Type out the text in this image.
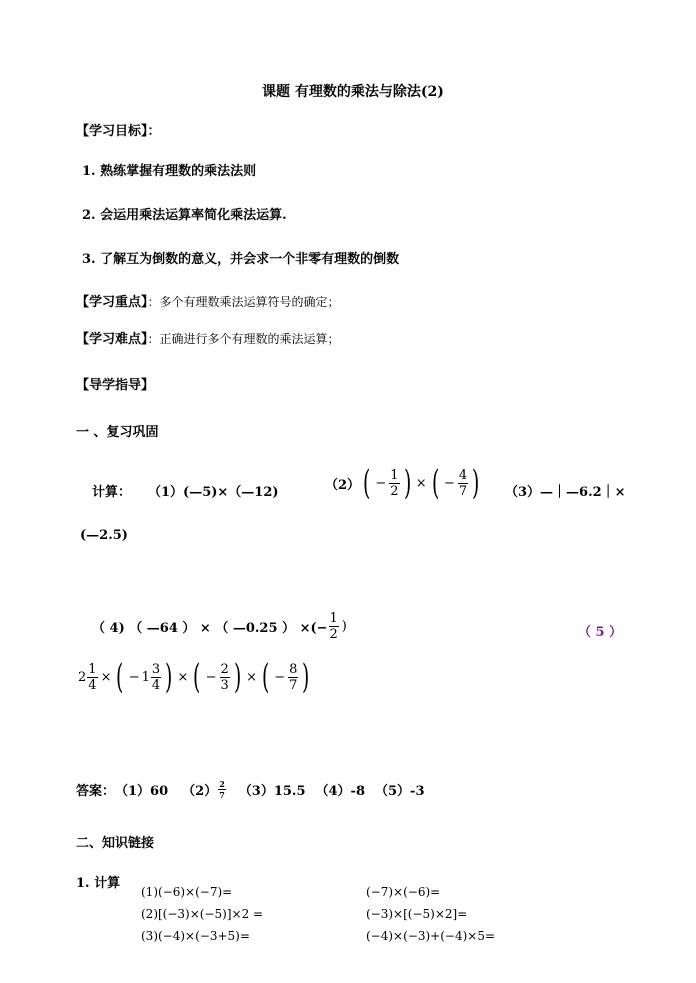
课题 有理数的乘法与除法(2)
【学习目标】：
1. 熟练掌握有理数的乘法法则
2. 会运用乘法运算率简化乘法运算.
3. 了解互为倒数的意义，并会求一个非零有理数的倒数
【学习重点】：多个有理数乘法运算符号的确定；
【学习难点】：正确进行多个有理数的乘法运算；
【导学指导】
一 、复习巩固
计算： （1）(—5)×（—12)	（2） ( − $\frac{1}{2}$ ) × ( − $\frac{4}{7}$ ) （3）—｜—6.2｜×
(—2.5)
（ 4) （ —64 ） × （ —0.25 ） ×(− $\frac{1}{2}$ )	（ 5 ）
$2 \frac{1}{4}$ × ( − $1 \frac{3}{4}$ ) × ( − $\frac{2}{3}$ ) × ( − $\frac{8}{7}$ )
答案： （1）60 $(2) \frac{2}{7} (3)15.5$ （4）-8 （5）-3
二、知识链接
1. 计算
(1)(−6)×(−7)=	(−7)×(−6)=
(2)[(−3)×(−5)]×2 =	(−3)×[(−5)×2]=
(3)(−4)×(−3+5)=	(−4)×(−3)+(−4)×5=
